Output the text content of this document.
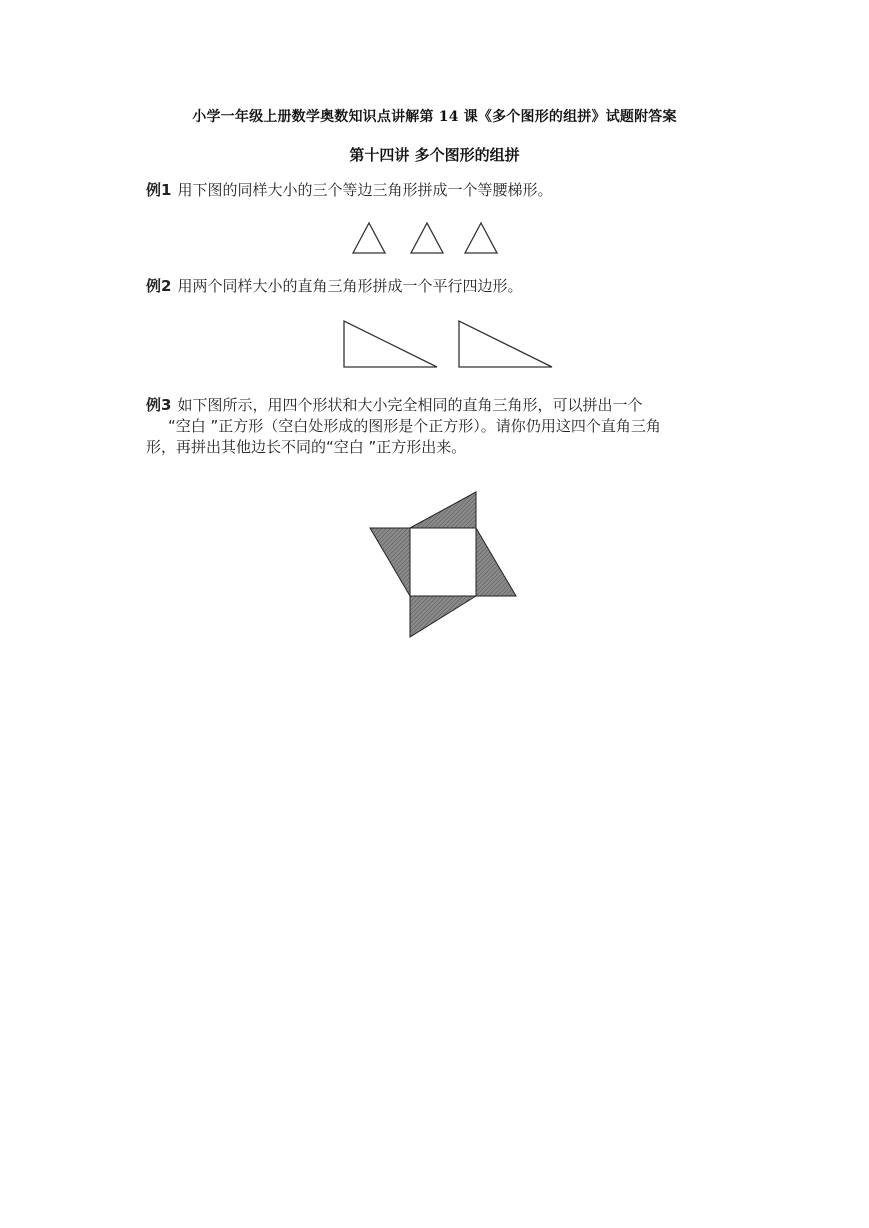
小学一年级上册数学奥数知识点讲解第 14 课《多个图形的组拼》试题附答案
第十四讲 多个图形的组拼
例1 用下图的同样大小的三个等边三角形拼成一个等腰梯形。
例2 用两个同样大小的直角三角形拼成一个平行四边形。
例3 如下图所示，用四个形状和大小完全相同的直角三角形，可以拼出一个
“空白 ”正方形（空白处形成的图形是个正方形）。请你仍用这四个直角三角
形，再拼出其他边长不同的“空白 ”正方形出来。
